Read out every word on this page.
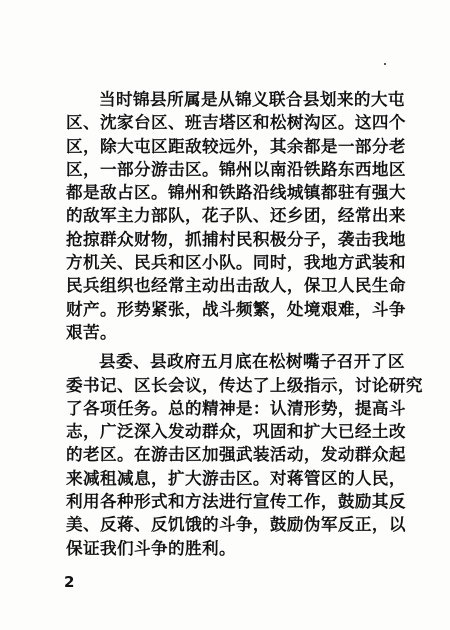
当时锦县所属是从锦义联合县划来的大屯
区、沈家台区、班吉塔区和松树沟区。这四个
区，除大屯区距敌较远外，其余都是一部分老
区，一部分游击区。锦州以南沿铁路东西地区
都是敌占区。锦州和铁路沿线城镇都驻有强大
的敌军主力部队，花子队、还乡团，经常出来
抢掠群众财物，抓捕村民积极分子，袭击我地
方机关、民兵和区小队。同时，我地方武装和
民兵组织也经常主动出击敌人，保卫人民生命
财产。形势紧张，战斗频繁，处境艰难，斗争
艰苦。
县委、县政府五月底在松树嘴子召开了区
委书记、区长会议，传达了上级指示，讨论研究
了各项任务。总的精神是：认清形势，提高斗
志，广泛深入发动群众，巩固和扩大已经土改
的老区。在游击区加强武装活动，发动群众起
来减租减息，扩大游击区。对蒋管区的人民，
利用各种形式和方法进行宣传工作，鼓励其反
美、反蒋、反饥饿的斗争，鼓励伪军反正，以
保证我们斗争的胜利。
2
